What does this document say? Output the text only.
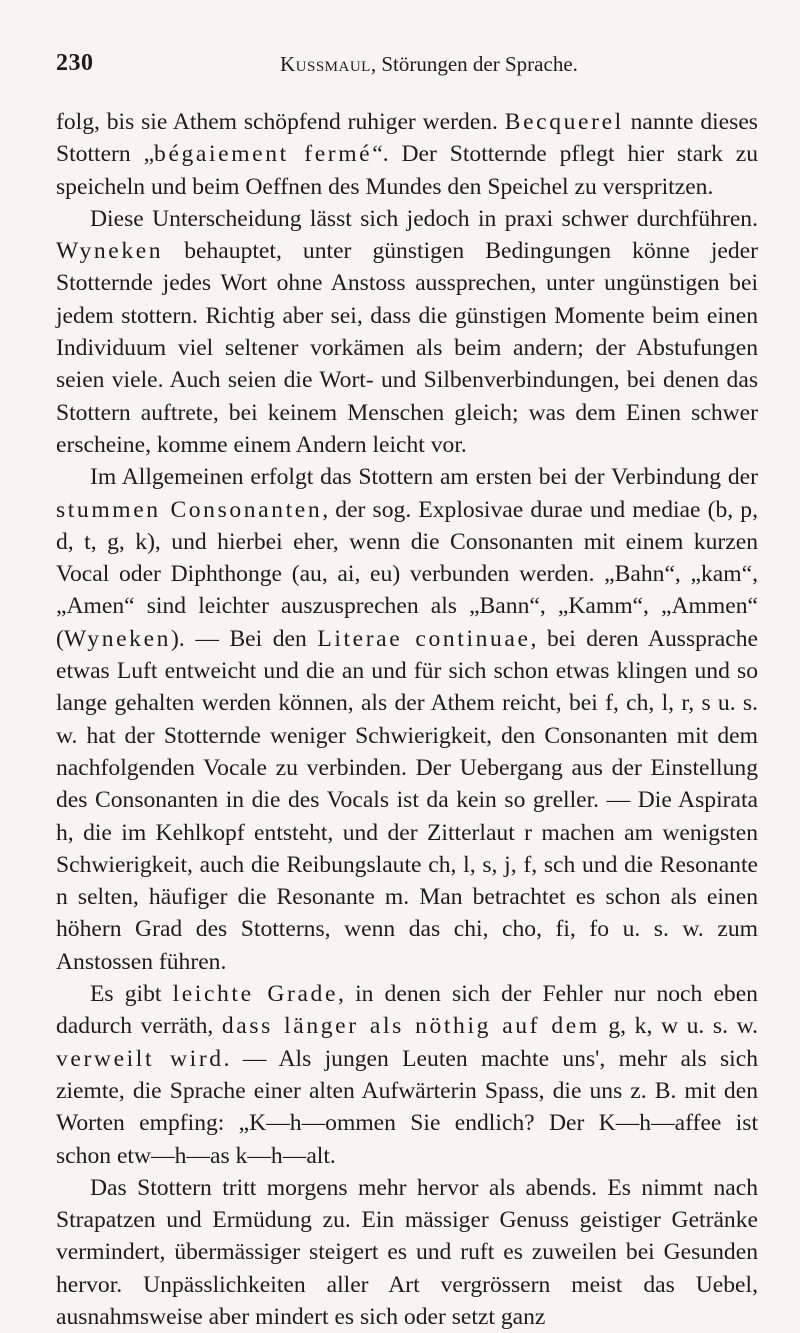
230	Kussmaul, Störungen der Sprache.

folg, bis sie Athem schöpfend ruhiger werden. Becquerel nannte dieses Stottern „bégaiement fermé“. Der Stotternde pflegt hier stark zu speicheln und beim Oeffnen des Mundes den Speichel zu verspritzen.

Diese Unterscheidung lässt sich jedoch in praxi schwer durchführen. Wyneken behauptet, unter günstigen Bedingungen könne jeder Stotternde jedes Wort ohne Anstoss aussprechen, unter ungünstigen bei jedem stottern. Richtig aber sei, dass die günstigen Momente beim einen Individuum viel seltener vorkämen als beim andern; der Abstufungen seien viele. Auch seien die Wort- und Silbenverbindungen, bei denen das Stottern auftrete, bei keinem Menschen gleich; was dem Einen schwer erscheine, komme einem Andern leicht vor.

Im Allgemeinen erfolgt das Stottern am ersten bei der Verbindung der stummen Consonanten, der sog. Explosivae durae und mediae (b, p, d, t, g, k), und hierbei eher, wenn die Consonanten mit einem kurzen Vocal oder Diphthonge (au, ai, eu) verbunden werden. „Bahn“, „kam“, „Amen“ sind leichter auszusprechen als „Bann“, „Kamm“, „Ammen“ (Wyneken). — Bei den Literae continuae, bei deren Aussprache etwas Luft entweicht und die an und für sich schon etwas klingen und so lange gehalten werden können, als der Athem reicht, bei f, ch, l, r, s u. s. w. hat der Stotternde weniger Schwierigkeit, den Consonanten mit dem nachfolgenden Vocale zu verbinden. Der Uebergang aus der Einstellung des Consonanten in die des Vocals ist da kein so greller. — Die Aspirata h, die im Kehlkopf entsteht, und der Zitterlaut r machen am wenigsten Schwierigkeit, auch die Reibungslaute ch, l, s, j, f, sch und die Resonante n selten, häufiger die Resonante m. Man betrachtet es schon als einen höhern Grad des Stotterns, wenn das chi, cho, fi, fo u. s. w. zum Anstossen führen.

Es gibt leichte Grade, in denen sich der Fehler nur noch eben dadurch verräth, dass länger als nöthig auf dem g, k, w u. s. w. verweilt wird. — Als jungen Leuten machte uns', mehr als sich ziemte, die Sprache einer alten Aufwärterin Spass, die uns z. B. mit den Worten empfing: „K—h—ommen Sie endlich? Der K—h—affee ist schon etw—h—as k—h—alt.

Das Stottern tritt morgens mehr hervor als abends. Es nimmt nach Strapatzen und Ermüdung zu. Ein mässiger Genuss geistiger Getränke vermindert, übermässiger steigert es und ruft es zuweilen bei Gesunden hervor. Unpässlichkeiten aller Art vergrössern meist das Uebel, ausnahmsweise aber mindert es sich oder setzt ganz
